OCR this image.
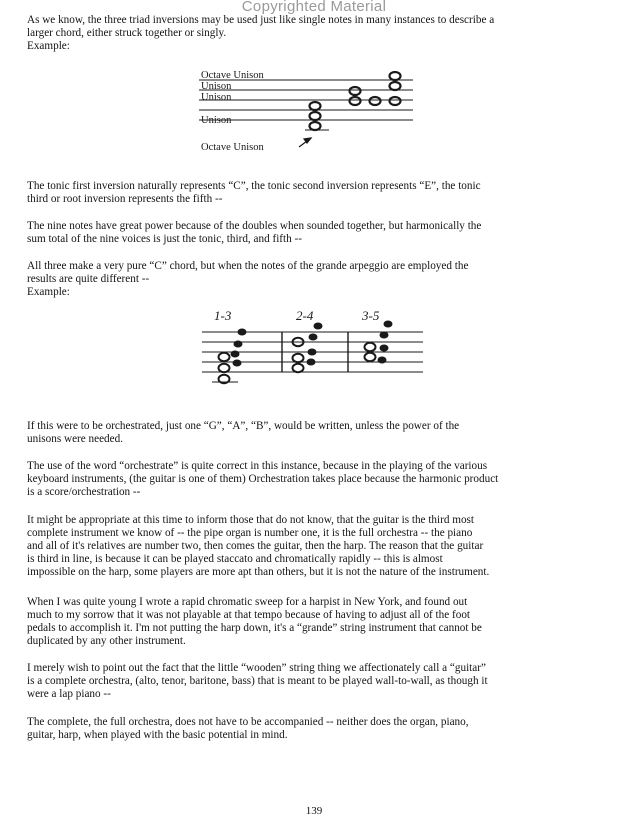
Copyrighted Material
As we know, the three triad inversions may be used just like single notes in many instances to describe a
larger chord, either struck together or singly.
Example:
Octave Unison
Unison
Unison
Unison
Octave Unison
The tonic first inversion naturally represents “C”, the tonic second inversion represents “E”, the tonic
third or root inversion represents the fifth --
The nine notes have great power because of the doubles when sounded together, but harmonically the
sum total of the nine voices is just the tonic, third, and fifth --
All three make a very pure “C” chord, but when the notes of the grande arpeggio are employed the
results are quite different --
Example:
1-3	2-4	3-5
If this were to be orchestrated, just one “G”, “A”, “B”, would be written, unless the power of the
unisons were needed.
The use of the word “orchestrate” is quite correct in this instance, because in the playing of the various
keyboard instruments, (the guitar is one of them) Orchestration takes place because the harmonic product
is a score/orchestration --
It might be appropriate at this time to inform those that do not know, that the guitar is the third most
complete instrument we know of -- the pipe organ is number one, it is the full orchestra -- the piano
and all of it's relatives are number two, then comes the guitar, then the harp. The reason that the guitar
is third in line, is because it can be played staccato and chromatically rapidly -- this is almost
impossible on the harp, some players are more apt than others, but it is not the nature of the instrument.
When I was quite young I wrote a rapid chromatic sweep for a harpist in New York, and found out
much to my sorrow that it was not playable at that tempo because of having to adjust all of the foot
pedals to accomplish it. I'm not putting the harp down, it's a “grande” string instrument that cannot be
duplicated by any other instrument.
I merely wish to point out the fact that the little “wooden” string thing we affectionately call a “guitar”
is a complete orchestra, (alto, tenor, baritone, bass) that is meant to be played wall-to-wall, as though it
were a lap piano --
The complete, the full orchestra, does not have to be accompanied -- neither does the organ, piano,
guitar, harp, when played with the basic potential in mind.
139
